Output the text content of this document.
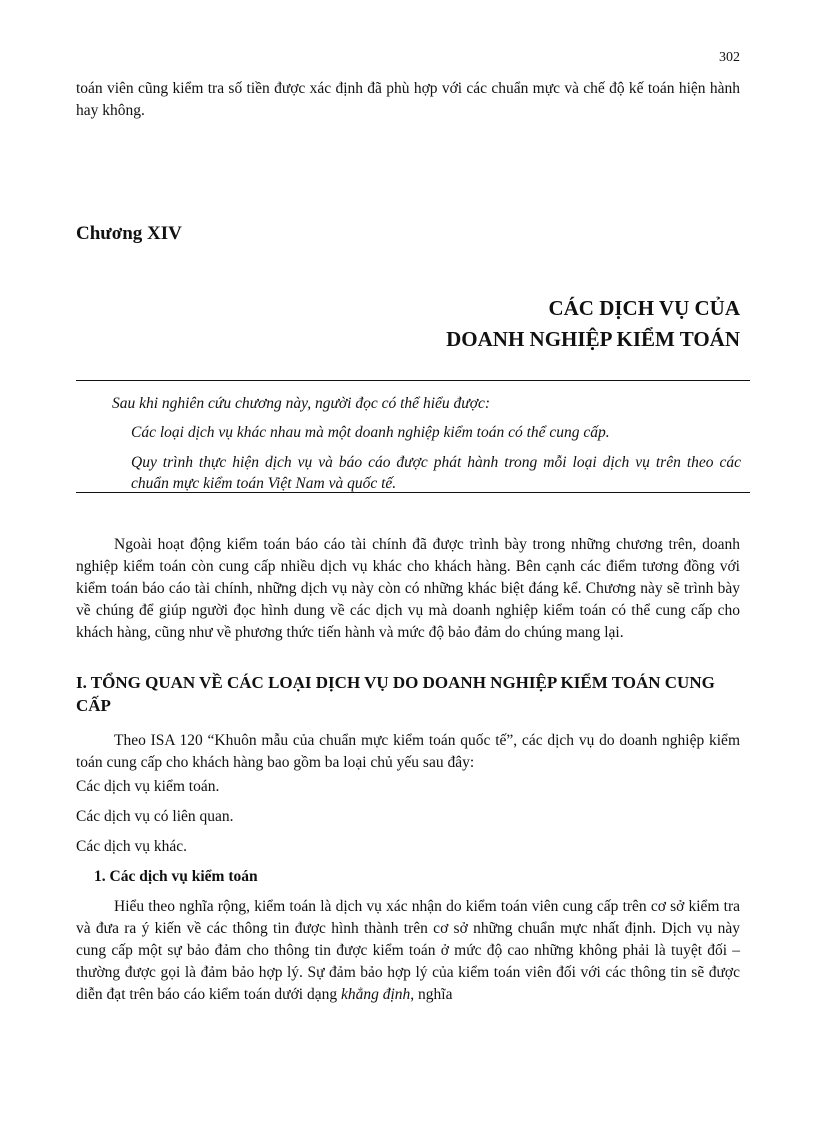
302
toán viên cũng kiểm tra số tiền được xác định đã phù hợp với các chuẩn mực và chế độ kế toán hiện hành hay không.
Chương XIV
CÁC DỊCH VỤ CỦA
DOANH NGHIỆP KIỂM TOÁN
Sau khi nghiên cứu chương này, người đọc có thể hiểu được:
Các loại dịch vụ khác nhau mà một doanh nghiệp kiểm toán có thể cung cấp.
Quy trình thực hiện dịch vụ và báo cáo được phát hành trong mỗi loại dịch vụ trên theo các chuẩn mực kiểm toán Việt Nam và quốc tế.
Ngoài hoạt động kiểm toán báo cáo tài chính đã được trình bày trong những chương trên, doanh nghiệp kiểm toán còn cung cấp nhiều dịch vụ khác cho khách hàng. Bên cạnh các điểm tương đồng với kiểm toán báo cáo tài chính, những dịch vụ này còn có những khác biệt đáng kể. Chương này sẽ trình bày về chúng để giúp người đọc hình dung về các dịch vụ mà doanh nghiệp kiểm toán có thể cung cấp cho khách hàng, cũng như về phương thức tiến hành và mức độ bảo đảm do chúng mang lại.
I. TỔNG QUAN VỀ CÁC LOẠI DỊCH VỤ DO DOANH NGHIỆP KIỂM TOÁN CUNG CẤP
Theo ISA 120 “Khuôn mẫu của chuẩn mực kiểm toán quốc tế”, các dịch vụ do doanh nghiệp kiểm toán cung cấp cho khách hàng bao gồm ba loại chủ yếu sau đây:
Các dịch vụ kiểm toán.
Các dịch vụ có liên quan.
Các dịch vụ khác.
1. Các dịch vụ kiểm toán
Hiểu theo nghĩa rộng, kiểm toán là dịch vụ xác nhận do kiểm toán viên cung cấp trên cơ sở kiểm tra và đưa ra ý kiến về các thông tin được hình thành trên cơ sở những chuẩn mực nhất định. Dịch vụ này cung cấp một sự bảo đảm cho thông tin được kiểm toán ở mức độ cao những không phải là tuyệt đối – thường được gọi là đảm bảo hợp lý. Sự đảm bảo hợp lý của kiểm toán viên đối với các thông tin sẽ được diễn đạt trên báo cáo kiểm toán dưới dạng khẳng định, nghĩa
